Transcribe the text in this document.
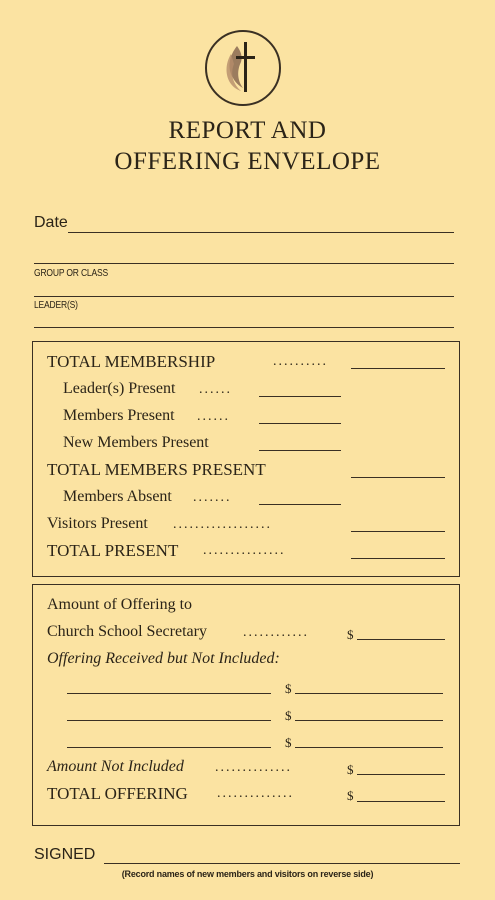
REPORT AND
OFFERING ENVELOPE
Date
GROUP OR CLASS
LEADER(S)
TOTAL MEMBERSHIP	..........
Leader(s) Present ......
Members Present ......
New Members Present
TOTAL MEMBERS PRESENT
Members Absent .......
Visitors Present ..................
TOTAL PRESENT ...............
Amount of Offering to
Church School Secretary	............	$
Offering Received but Not Included:
$
$
$
Amount Not Included ..............	$
TOTAL OFFERING ..............	$
SIGNED
(Record names of new members and visitors on reverse side)
